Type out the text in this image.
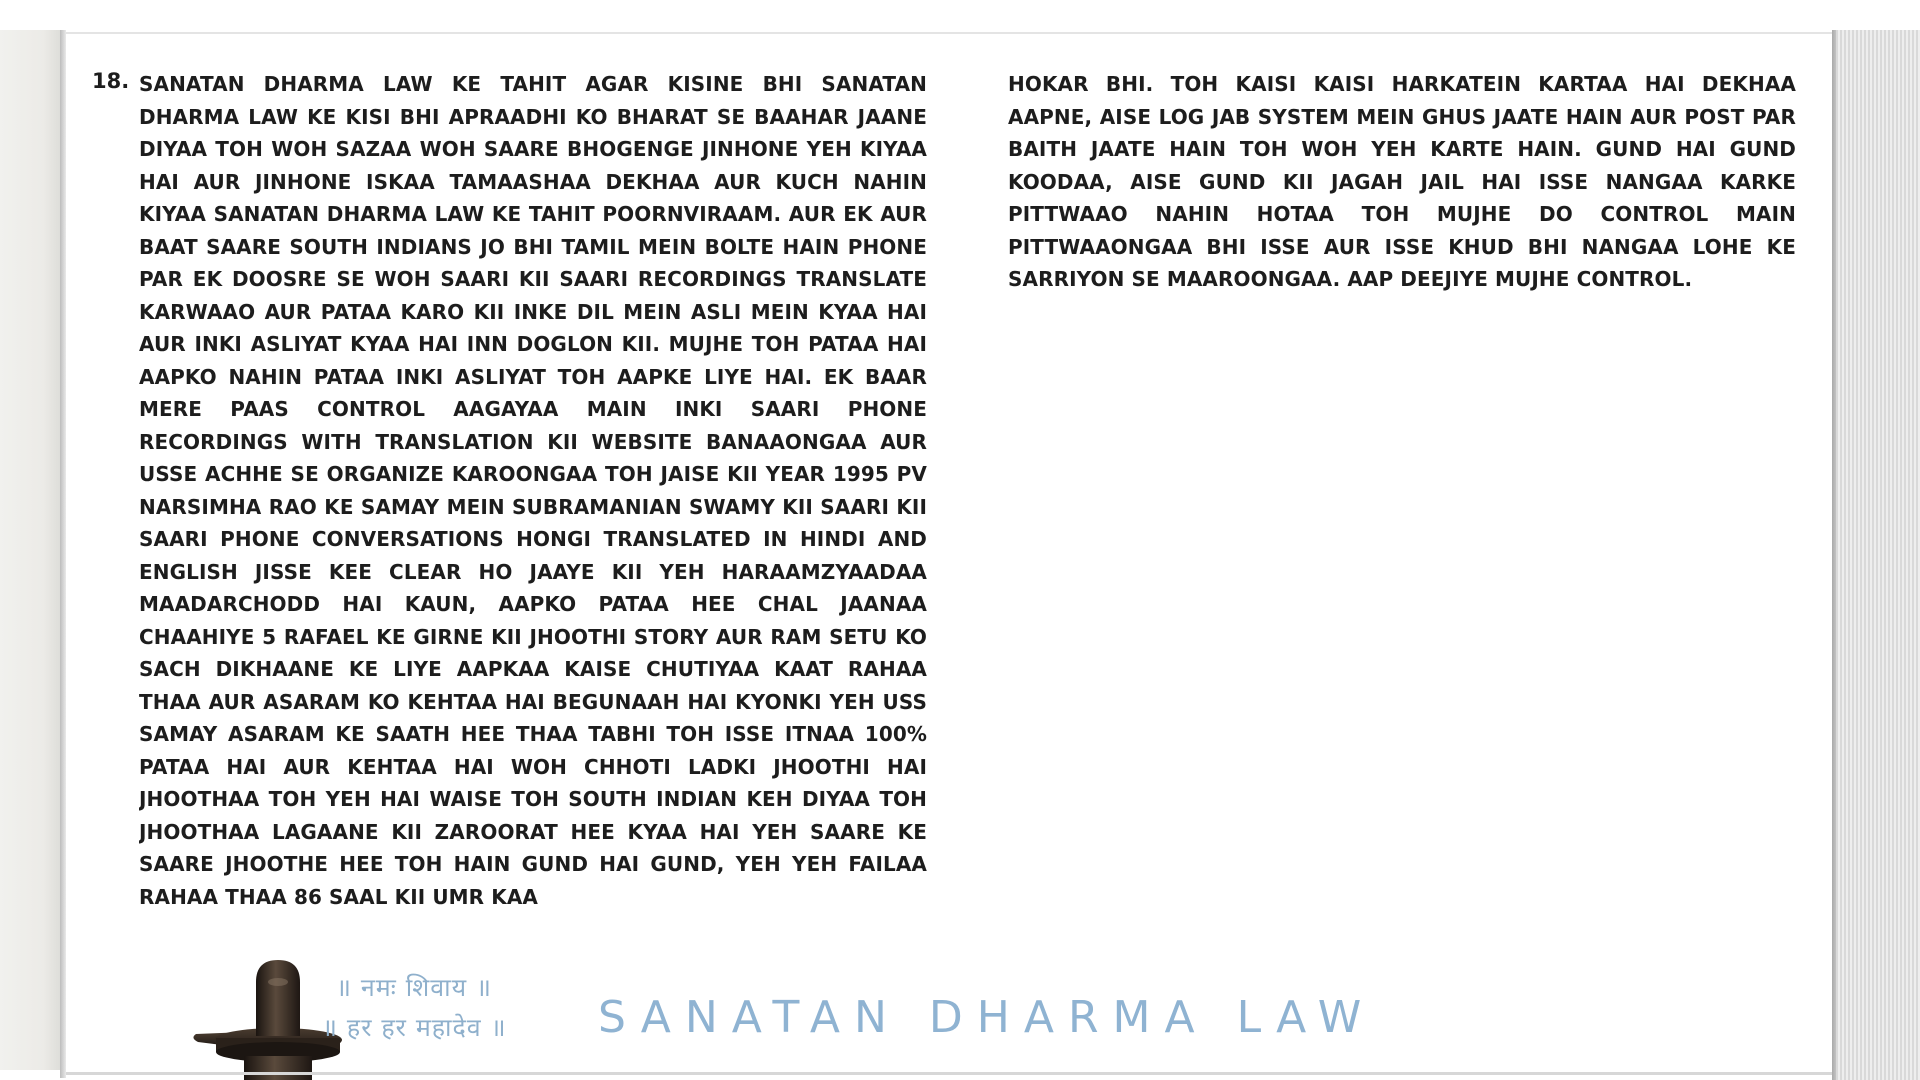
18. SANATAN DHARMA LAW KE TAHIT AGAR KISINE BHI SANATAN DHARMA LAW KE KISI BHI APRAADHI KO BHARAT SE BAAHAR JAANE DIYAA TOH WOH SAZAA WOH SAARE BHOGENGE JINHONE YEH KIYAA HAI AUR JINHONE ISKAA TAMAASHAA DEKHAA AUR KUCH NAHIN KIYAA SANATAN DHARMA LAW KE TAHIT POORNVIRAAM. AUR EK AUR BAAT SAARE SOUTH INDIANS JO BHI TAMIL MEIN BOLTE HAIN PHONE PAR EK DOOSRE SE WOH SAARI KII SAARI RECORDINGS TRANSLATE KARWAAO AUR PATAA KARO KII INKE DIL MEIN ASLI MEIN KYAA HAI AUR INKI ASLIYAT KYAA HAI INN DOGLON KII. MUJHE TOH PATAA HAI AAPKO NAHIN PATAA INKI ASLIYAT TOH AAPKE LIYE HAI. EK BAAR MERE PAAS CONTROL AAGAYAA MAIN INKI SAARI PHONE RECORDINGS WITH TRANSLATION KII WEBSITE BANAAONGAA AUR USSE ACHHE SE ORGANIZE KAROONGAA TOH JAISE KII YEAR 1995 PV NARSIMHA RAO KE SAMAY MEIN SUBRAMANIAN SWAMY KII SAARI KII SAARI PHONE CONVERSATIONS HONGI TRANSLATED IN HINDI AND ENGLISH JISSE KEE CLEAR HO JAAYE KII YEH HARAAMZYAADAA MAADARCHODD HAI KAUN, AAPKO PATAA HEE CHAL JAANAA CHAAHIYE 5 RAFAEL KE GIRNE KII JHOOTHI STORY AUR RAM SETU KO SACH DIKHAANE KE LIYE AAPKAA KAISE CHUTIYAA KAAT RAHAA THAA AUR ASARAM KO KEHTAA HAI BEGUNAAH HAI KYONKI YEH USS SAMAY ASARAM KE SAATH HEE THAA TABHI TOH ISSE ITNAA 100% PATAA HAI AUR KEHTAA HAI WOH CHHOTI LADKI JHOOTHI HAI JHOOTHAA TOH YEH HAI WAISE TOH SOUTH INDIAN KEH DIYAA TOH JHOOTHAA LAGAANE KII ZAROORAT HEE KYAA HAI YEH SAARE KE SAARE JHOOTHE HEE TOH HAIN GUND HAI GUND, YEH YEH FAILAA RAHAA THAA 86 SAAL KII UMR KAA
HOKAR BHI. TOH KAISI KAISI HARKATEIN KARTAA HAI DEKHAA AAPNE, AISE LOG JAB SYSTEM MEIN GHUS JAATE HAIN AUR POST PAR BAITH JAATE HAIN TOH WOH YEH KARTE HAIN. GUND HAI GUND KOODAA, AISE GUND KII JAGAH JAIL HAI ISSE NANGAA KARKE PITTWAAO NAHIN HOTAA TOH MUJHE DO CONTROL MAIN PITTWAAONGAA BHI ISSE AUR ISSE KHUD BHI NANGAA LOHE KE SARRIYON SE MAAROONGAA. AAP DEEJIYE MUJHE CONTROL.
॥ नमः शिवाय ॥
॥ हर हर महादेव ॥ SANATAN DHARMA LAW
